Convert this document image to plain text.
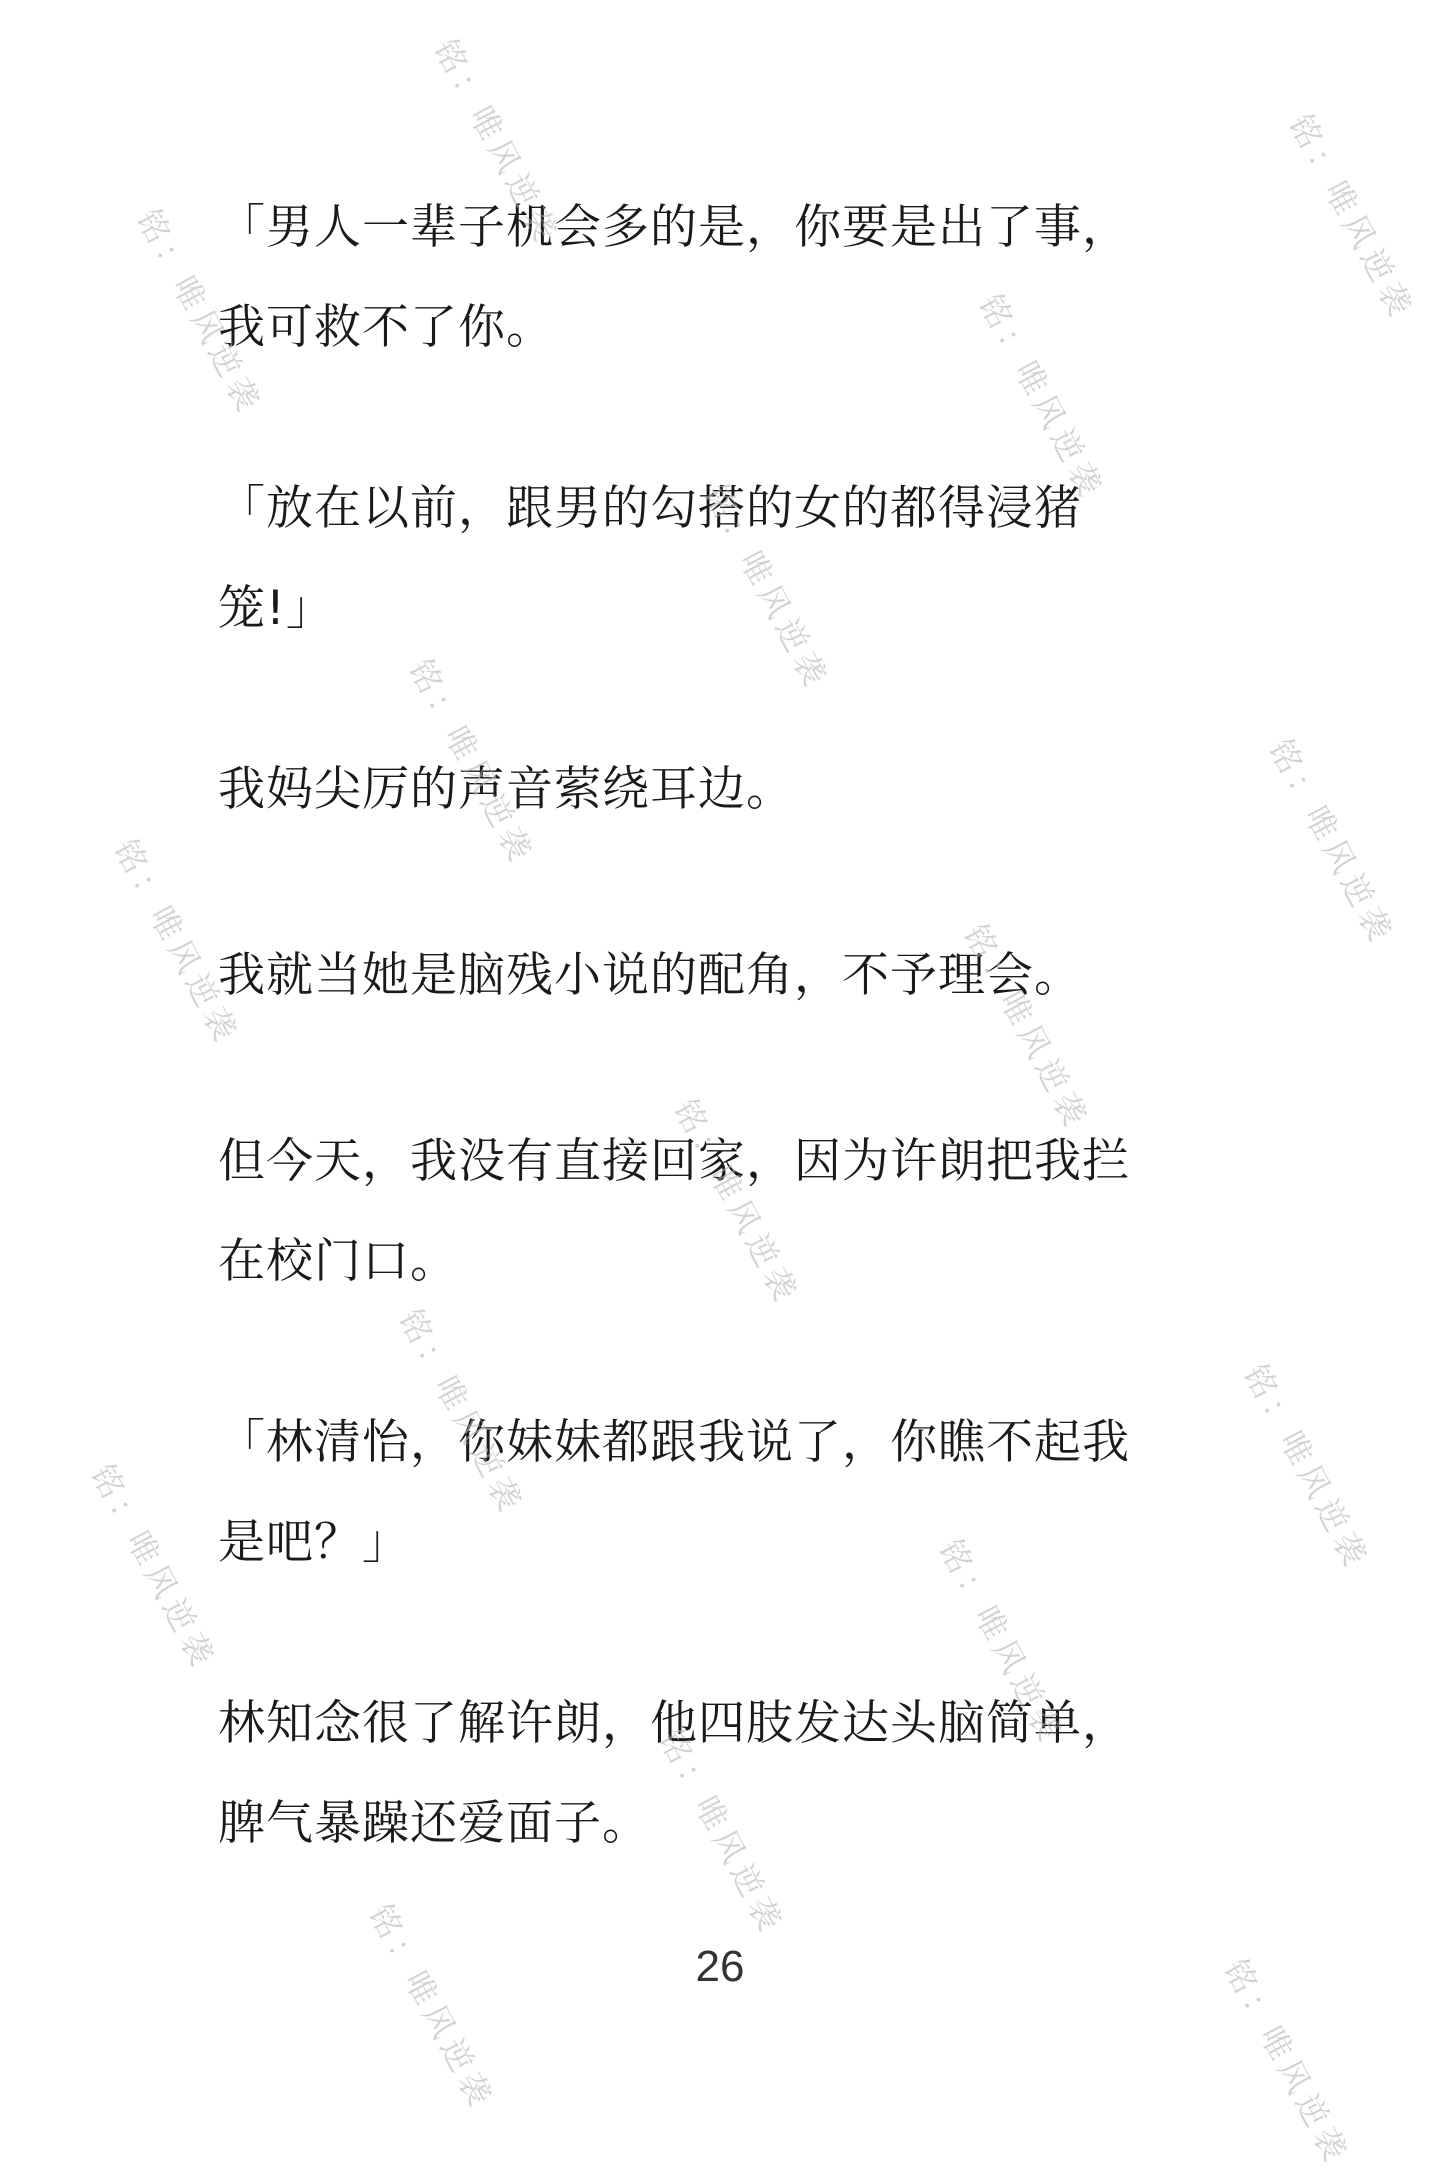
「男人一辈子机会多的是，你要是出了事，
我可救不了你。
「放在以前，跟男的勾搭的女的都得浸猪
笼!」
我妈尖厉的声音萦绕耳边。
我就当她是脑残小说的配角，不予理会。
但今天，我没有直接回家，因为许朗把我拦
在校门口。
「林清怡，你妹妹都跟我说了，你瞧不起我
是吧？」
林知念很了解许朗，他四肢发达头脑简单，
脾气暴躁还爱面子。
26
铭：唯风逆袭	铭：唯风逆袭
铭：唯风逆袭	铭：唯风逆袭
铭：唯风逆袭
铭：唯风逆袭	铭：唯风逆袭
铭：唯风逆袭	铭：唯风逆袭
铭：唯风逆袭
铭：唯风逆袭	铭：唯风逆袭
铭：唯风逆袭	铭：唯风逆袭
铭：唯风逆袭
铭：唯风逆袭	铭：唯风逆袭
